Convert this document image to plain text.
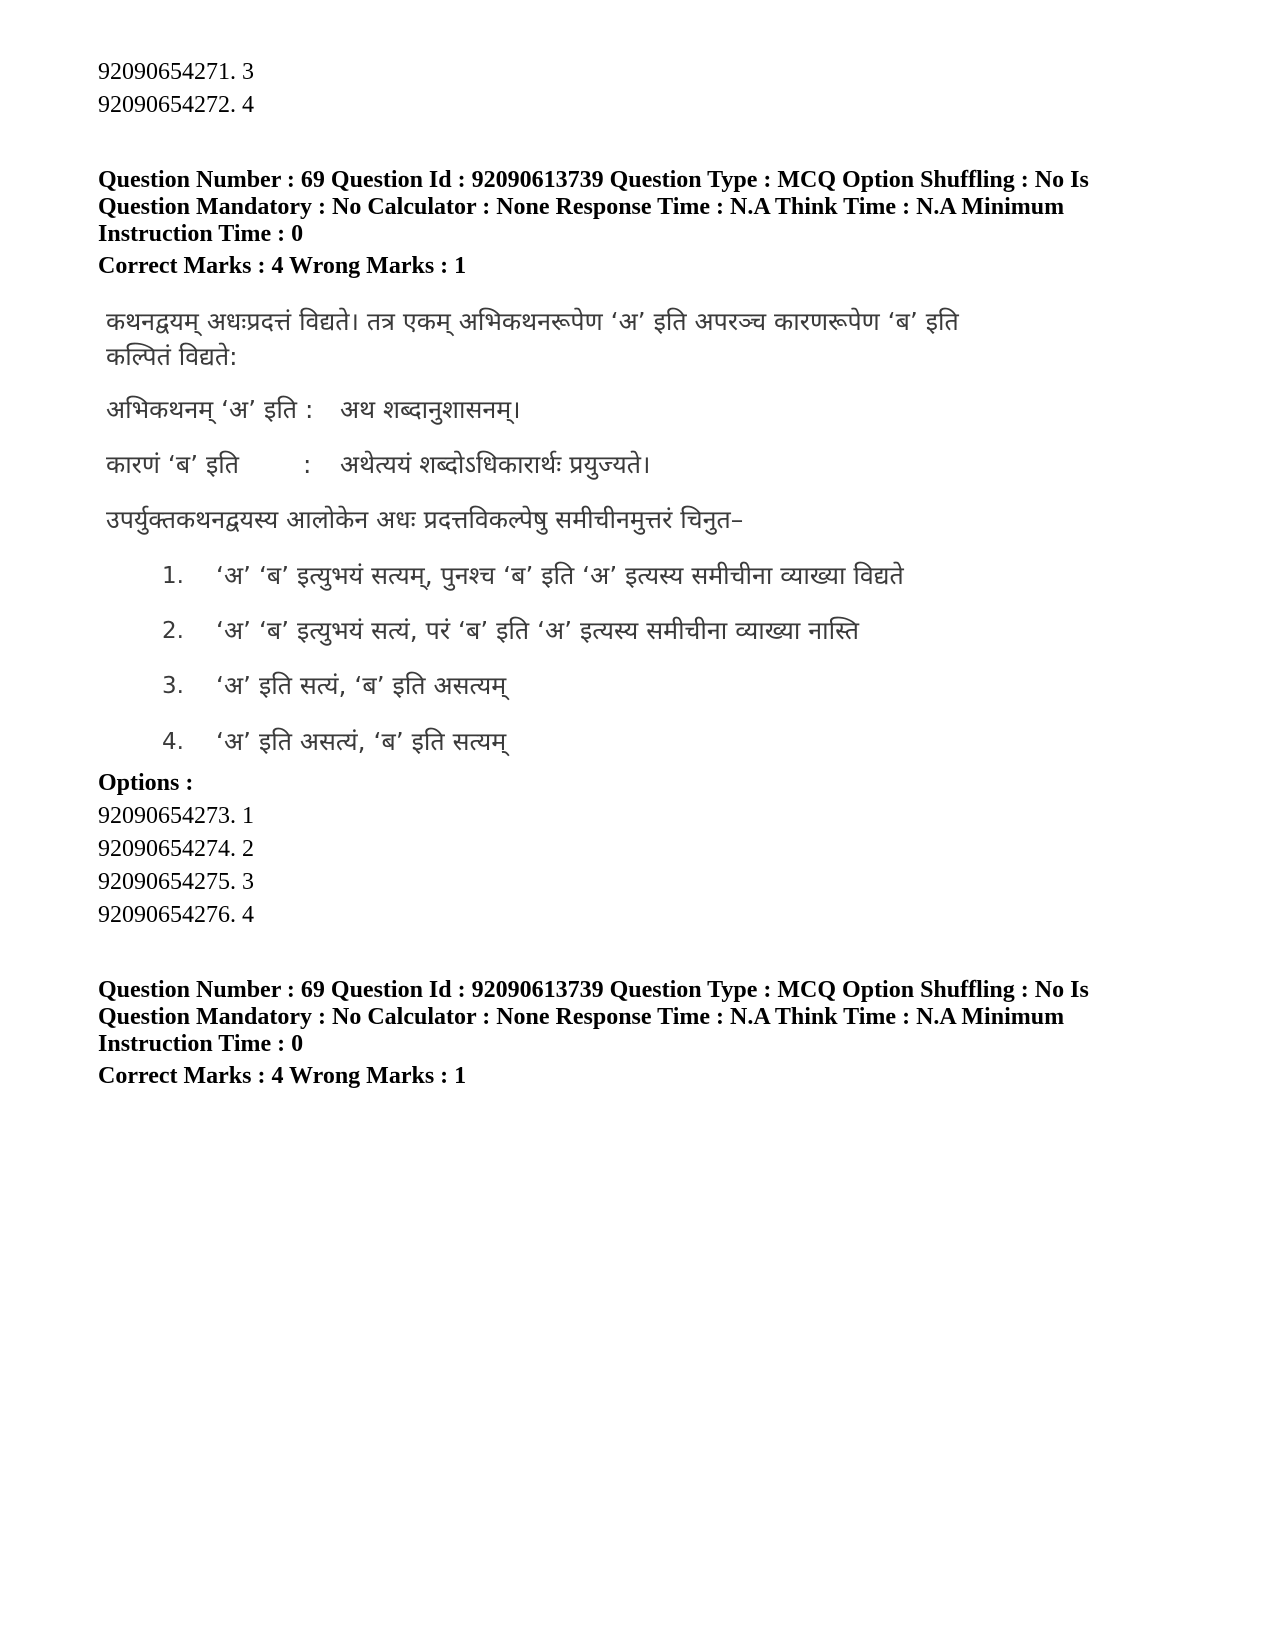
92090654271. 3
92090654272. 4
Question Number : 69 Question Id : 92090613739 Question Type : MCQ Option Shuffling : No Is
Question Mandatory : No Calculator : None Response Time : N.A Think Time : N.A Minimum
Instruction Time : 0
Correct Marks : 4 Wrong Marks : 1
कथनद्वयम् अधःप्रदत्तं विद्यते। तत्र एकम् अभिकथनरूपेण ‘अ’ इति अपरञ्च कारणरूपेण ‘ब’ इति
कल्पितं विद्यते:
अभिकथनम् ‘अ’ इति : अथ शब्दानुशासनम्।
कारणं ‘ब’ इति	: अथेत्ययं शब्दोऽधिकारार्थः प्रयुज्यते।
उपर्युक्तकथनद्वयस्य आलोकेन अधः प्रदत्तविकल्पेषु समीचीनमुत्तरं चिनुत–
1. ‘अ’ ‘ब’ इत्युभयं सत्यम्, पुनश्च ‘ब’ इति ‘अ’ इत्यस्य समीचीना व्याख्या विद्यते
2. ‘अ’ ‘ब’ इत्युभयं सत्यं, परं ‘ब’ इति ‘अ’ इत्यस्य समीचीना व्याख्या नास्ति
3. ‘अ’ इति सत्यं, ‘ब’ इति असत्यम्
4. ‘अ’ इति असत्यं, ‘ब’ इति सत्यम्
Options :
92090654273. 1
92090654274. 2
92090654275. 3
92090654276. 4
Question Number : 69 Question Id : 92090613739 Question Type : MCQ Option Shuffling : No Is
Question Mandatory : No Calculator : None Response Time : N.A Think Time : N.A Minimum
Instruction Time : 0
Correct Marks : 4 Wrong Marks : 1
